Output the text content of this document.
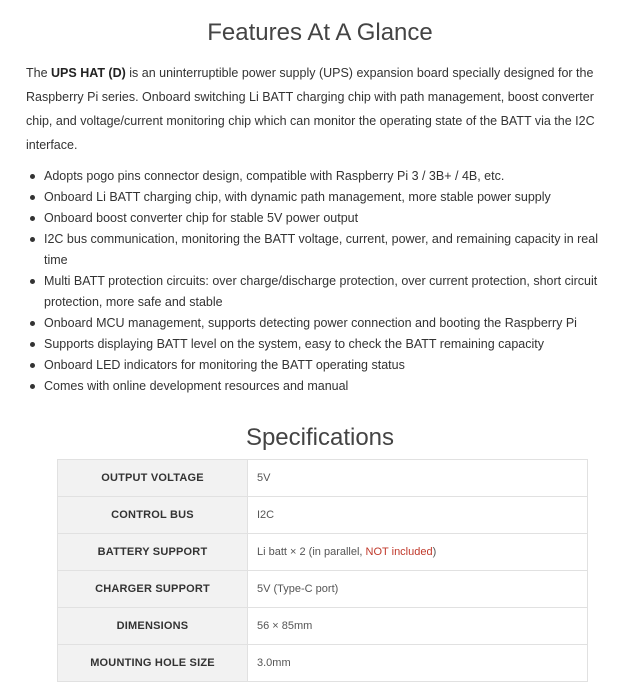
Features At A Glance

The UPS HAT (D) is an uninterruptible power supply (UPS) expansion board specially designed for the Raspberry Pi series. Onboard switching Li BATT charging chip with path management, boost converter chip, and voltage/current monitoring chip which can monitor the operating state of the BATT via the I2C interface.

Adopts pogo pins connector design, compatible with Raspberry Pi 3 / 3B+ / 4B, etc.
Onboard Li BATT charging chip, with dynamic path management, more stable power supply
Onboard boost converter chip for stable 5V power output
I2C bus communication, monitoring the BATT voltage, current, power, and remaining capacity in real time
Multi BATT protection circuits: over charge/discharge protection, over current protection, short circuit protection, more safe and stable
Onboard MCU management, supports detecting power connection and booting the Raspberry Pi
Supports displaying BATT level on the system, easy to check the BATT remaining capacity
Onboard LED indicators for monitoring the BATT operating status
Comes with online development resources and manual
Specifications
OUTPUT VOLTAGE	5V
CONTROL BUS	I2C
BATTERY SUPPORT	Li batt × 2 (in parallel, NOT included)
CHARGER SUPPORT	5V (Type-C port)
DIMENSIONS	56 × 85mm
MOUNTING HOLE SIZE	3.0mm
